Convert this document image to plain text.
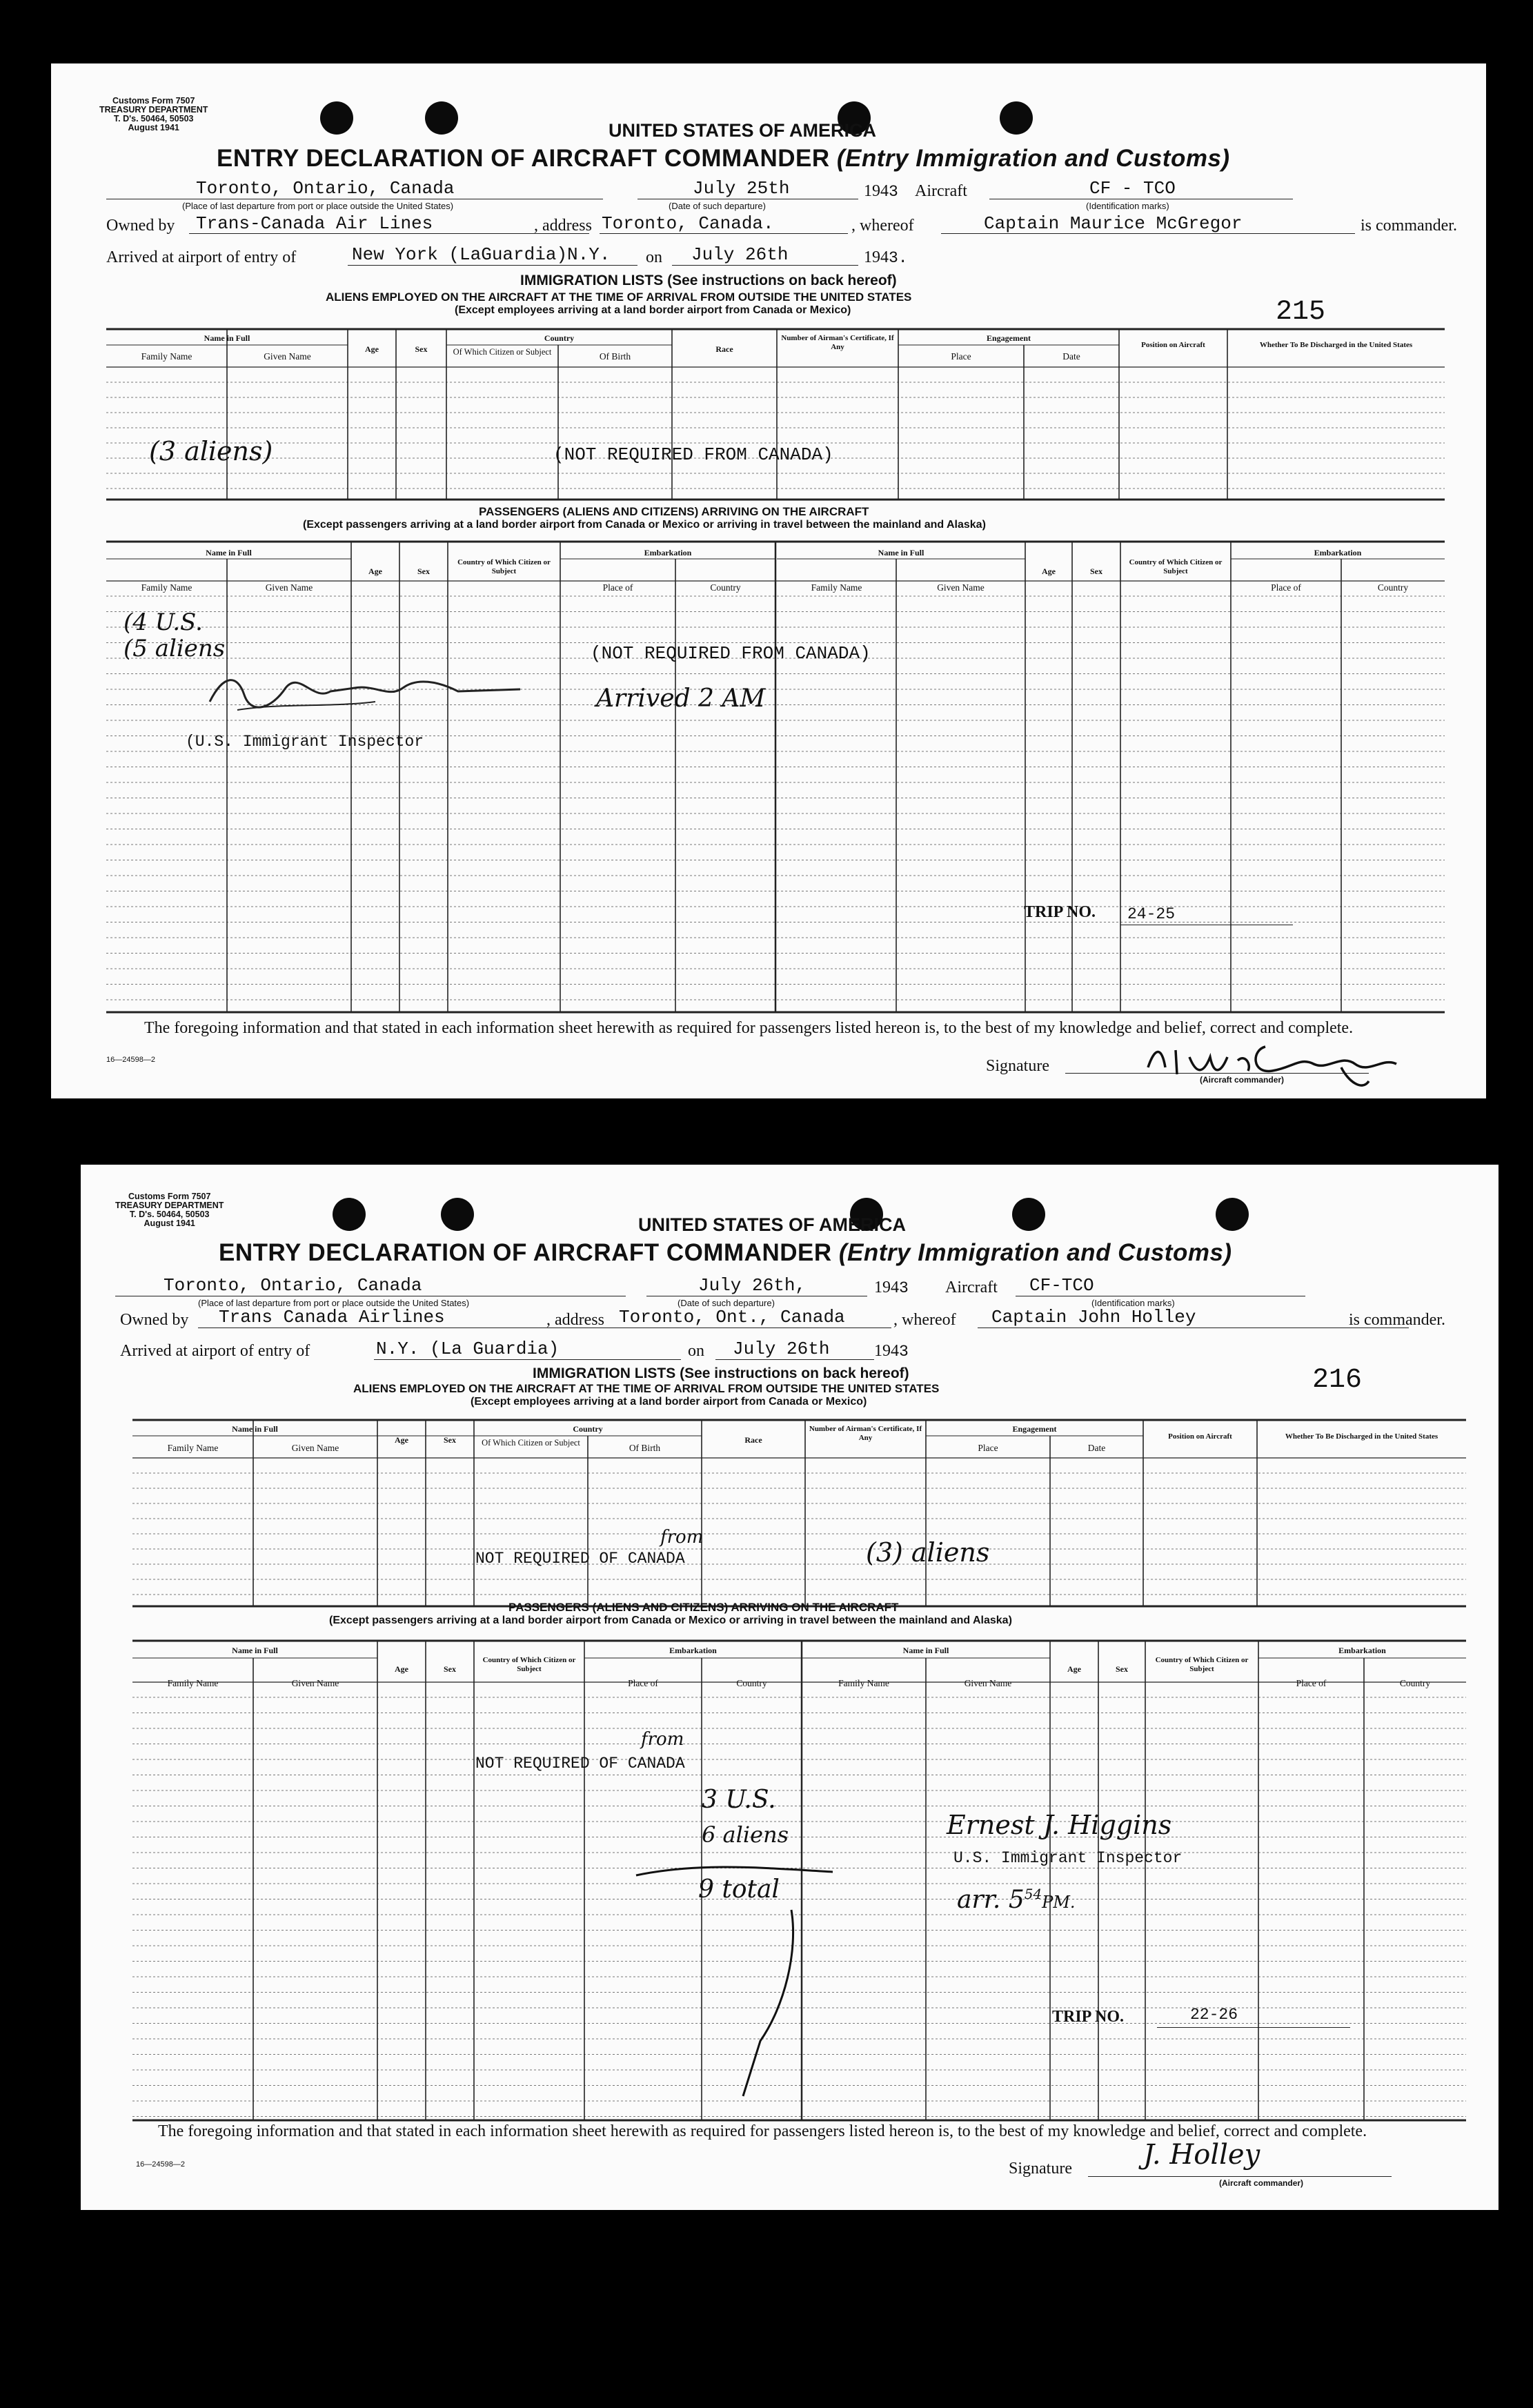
Customs Form 7507
TREASURY DEPARTMENT
T. D's. 50464, 50503
August 1941	UNITED STATES OF AMERICA
ENTRY DECLARATION OF AIRCRAFT COMMANDER (Entry Immigration and Customs)
Toronto, Ontario, Canada
(Place of last departure from port or place outside the United States)
July 25th
(Date of such departure)
1943 Aircraft	CF - TCO
(Identification marks)
Owned by Trans-Canada Air Lines	, address Toronto, Canada.	, whereof	Captain Maurice McGregor	is commander.
Arrived at airport of entry of	New York (LaGuardia)N.Y. on July 26th	1943.
IMMIGRATION LISTS (See instructions on back hereof)
ALIENS EMPLOYED ON THE AIRCRAFT AT THE TIME OF ARRIVAL FROM OUTSIDE THE UNITED STATES
(Except employees arriving at a land border airport from Canada or Mexico)	215
Name in Full
Family Name	Given Name
Age	Sex
Country
Of Which Citizen or Subject	Of Birth
Race
Number of Airman's Certificate, If Any
Engagement
Place	Date
Position on Aircraft	Whether To Be Discharged in the United States
(NOT REQUIRED FROM CANADA)
(3 aliens)
PASSENGERS (ALIENS AND CITIZENS) ARRIVING ON THE AIRCRAFT
(Except passengers arriving at a land border airport from Canada or Mexico or arriving in travel between the mainland and Alaska)
Name in Full
Family Name	Given Name
Age	Sex
Country of Which Citizen or Subject
Embarkation
Place of	Country
Name in Full
Family Name	Given Name
Age	Sex
Country of Which Citizen or Subject
Embarkation
Place of	Country
(NOT REQUIRED FROM CANADA)
(4 U.S.
(5 aliens
Arrived 2 AM
(U.S. Immigrant Inspector
TRIP NO. 24-25
The foregoing information and that stated in each information sheet herewith as required for passengers listed hereon is, to the best of my knowledge and belief, correct and complete.
16—24598—2	Signature
(Aircraft commander)
Customs Form 7507
TREASURY DEPARTMENT
T. D's. 50464, 50503
August 1941	UNITED STATES OF AMERICA
ENTRY DECLARATION OF AIRCRAFT COMMANDER (Entry Immigration and Customs)
Toronto, Ontario, Canada
(Place of last departure from port or place outside the United States)
July 26th,
(Date of such departure)
1943 Aircraft CF-TCO
(Identification marks)
Owned by Trans Canada Airlines	, address Toronto, Ont., Canada	, whereof Captain John Holley	is commander.
Arrived at airport of entry of	N.Y. (La Guardia)	on July 26th	1943
IMMIGRATION LISTS (See instructions on back hereof)
ALIENS EMPLOYED ON THE AIRCRAFT AT THE TIME OF ARRIVAL FROM OUTSIDE THE UNITED STATES
(Except employees arriving at a land border airport from Canada or Mexico)
216
Name in Full
Family Name	Given Name
Age	Sex
Country
Of Which Citizen or Subject	Of Birth
Race
Number of Airman's Certificate, If Any
Engagement
Place	Date
Position on Aircraft	Whether To Be Discharged in the United States
NOT REQUIRED OF CANADA
from	(3) aliens
PASSENGERS (ALIENS AND CITIZENS) ARRIVING ON THE AIRCRAFT
(Except passengers arriving at a land border airport from Canada or Mexico or arriving in travel between the mainland and Alaska)
Name in Full
Family Name	Given Name
Age	Sex
Country of Which Citizen or Subject
Embarkation
Place of	Country
Name in Full
Family Name	Given Name
Age	Sex
Country of Which Citizen or Subject
Embarkation
Place of	Country
NOT REQUIRED OF CANADA
from
3 U.S.
6 aliens
9 total
Ernest J. Higgins
U.S. Immigrant Inspector
arr. $5^{54}PM$.
TRIP NO.	22-26
The foregoing information and that stated in each information sheet herewith as required for passengers listed hereon is, to the best of my knowledge and belief, correct and complete.
16—24598—2	Signature
(Aircraft commander)
J. Holley
